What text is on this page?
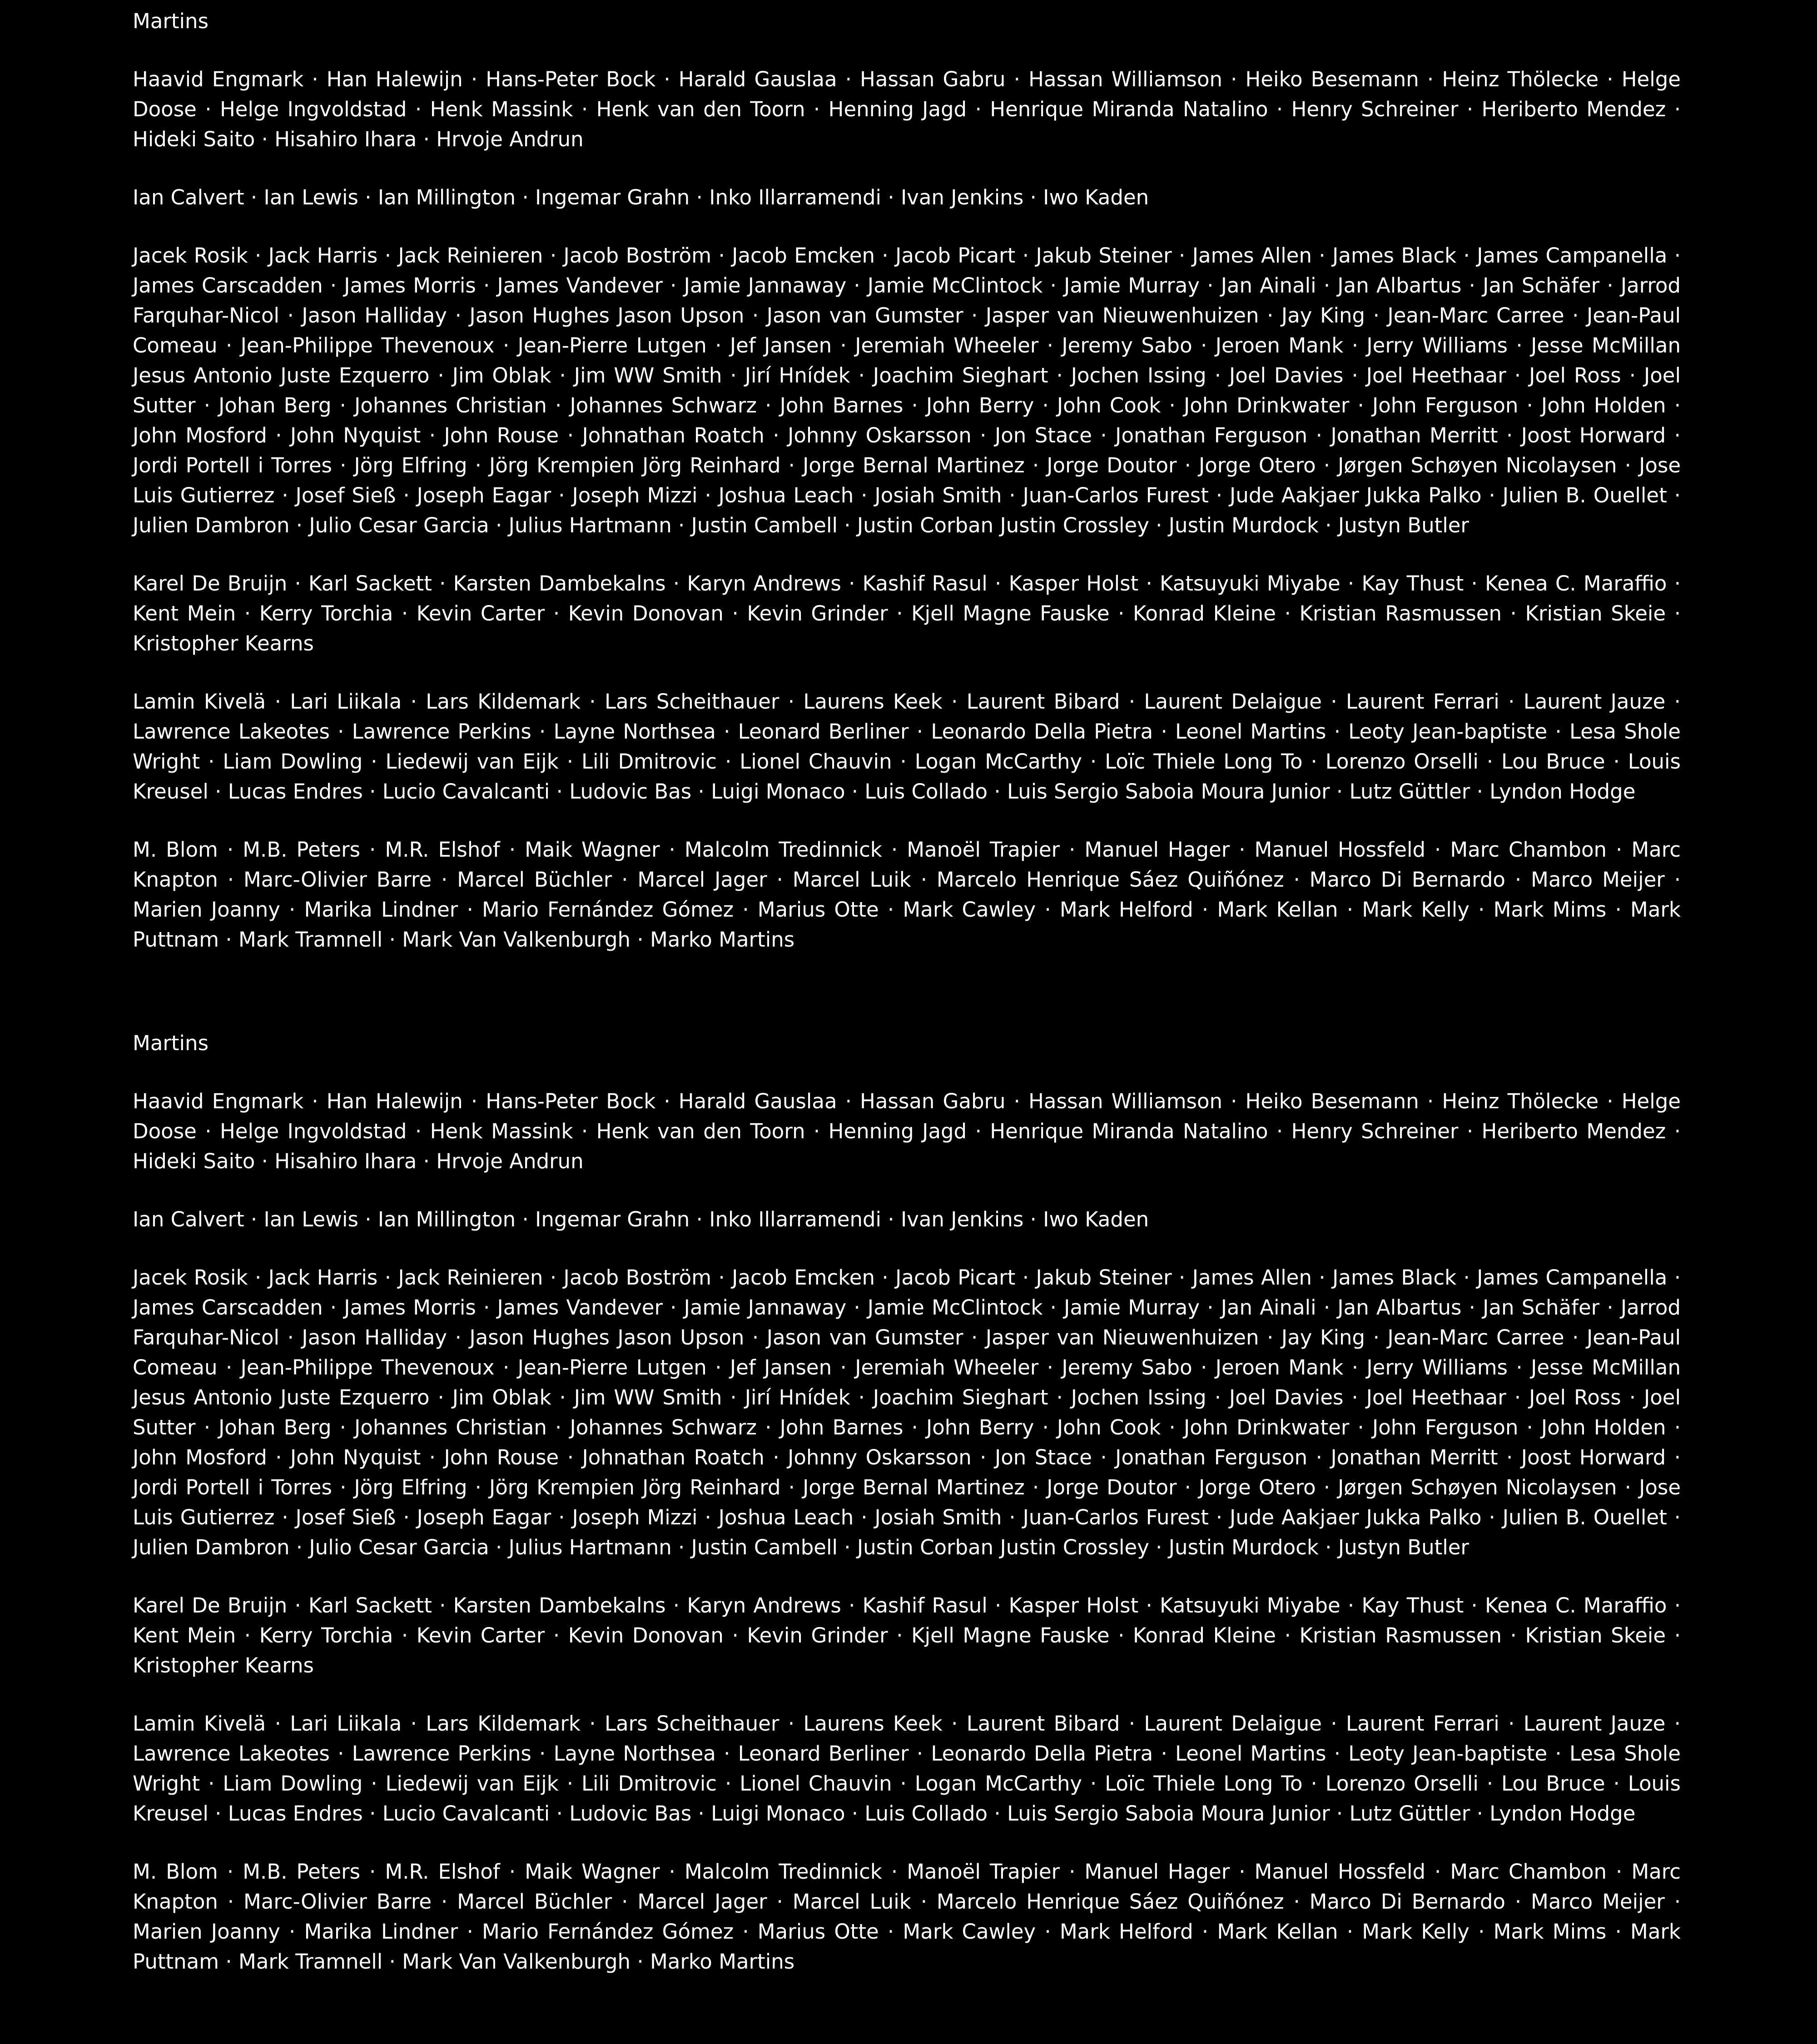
Martins

Haavid Engmark · Han Halewijn · Hans-Peter Bock · Harald Gauslaa · Hassan Gabru · Hassan Williamson · Heiko Besemann · Heinz Thölecke · Helge Doose · Helge Ingvoldstad · Henk Massink · Henk van den Toorn · Henning Jagd · Henrique Miranda Natalino · Henry Schreiner · Heriberto Mendez · Hideki Saito · Hisahiro Ihara · Hrvoje Andrun

Ian Calvert · Ian Lewis · Ian Millington · Ingemar Grahn · Inko Illarramendi · Ivan Jenkins · Iwo Kaden

Jacek Rosik · Jack Harris · Jack Reinieren · Jacob Boström · Jacob Emcken · Jacob Picart · Jakub Steiner · James Allen · James Black · James Campanella · James Carscadden · James Morris · James Vandever · Jamie Jannaway · Jamie McClintock · Jamie Murray · Jan Ainali · Jan Albartus · Jan Schäfer · Jarrod Farquhar-Nicol · Jason Halliday · Jason Hughes Jason Upson · Jason van Gumster · Jasper van Nieuwenhuizen · Jay King · Jean-Marc Carree · Jean-Paul Comeau · Jean-Philippe Thevenoux · Jean-Pierre Lutgen · Jef Jansen · Jeremiah Wheeler · Jeremy Sabo · Jeroen Mank · Jerry Williams · Jesse McMillan Jesus Antonio Juste Ezquerro · Jim Oblak · Jim WW Smith · Jirí Hnídek · Joachim Sieghart · Jochen Issing · Joel Davies · Joel Heethaar · Joel Ross · Joel Sutter · Johan Berg · Johannes Christian · Johannes Schwarz · John Barnes · John Berry · John Cook · John Drinkwater · John Ferguson · John Holden · John Mosford · John Nyquist · John Rouse · Johnathan Roatch · Johnny Oskarsson · Jon Stace · Jonathan Ferguson · Jonathan Merritt · Joost Horward · Jordi Portell i Torres · Jörg Elfring · Jörg Krempien Jörg Reinhard · Jorge Bernal Martinez · Jorge Doutor · Jorge Otero · Jørgen Schøyen Nicolaysen · Jose Luis Gutierrez · Josef Sieß · Joseph Eagar · Joseph Mizzi · Joshua Leach · Josiah Smith · Juan-Carlos Furest · Jude Aakjaer Jukka Palko · Julien B. Ouellet · Julien Dambron · Julio Cesar Garcia · Julius Hartmann · Justin Cambell · Justin Corban Justin Crossley · Justin Murdock · Justyn Butler

Karel De Bruijn · Karl Sackett · Karsten Dambekalns · Karyn Andrews · Kashif Rasul · Kasper Holst · Katsuyuki Miyabe · Kay Thust · Kenea C. Maraffio · Kent Mein · Kerry Torchia · Kevin Carter · Kevin Donovan · Kevin Grinder · Kjell Magne Fauske · Konrad Kleine · Kristian Rasmussen · Kristian Skeie · Kristopher Kearns

Lamin Kivelä · Lari Liikala · Lars Kildemark · Lars Scheithauer · Laurens Keek · Laurent Bibard · Laurent Delaigue · Laurent Ferrari · Laurent Jauze · Lawrence Lakeotes · Lawrence Perkins · Layne Northsea · Leonard Berliner · Leonardo Della Pietra · Leonel Martins · Leoty Jean-baptiste · Lesa Shole Wright · Liam Dowling · Liedewij van Eijk · Lili Dmitrovic · Lionel Chauvin · Logan McCarthy · Loïc Thiele Long To · Lorenzo Orselli · Lou Bruce · Louis Kreusel · Lucas Endres · Lucio Cavalcanti · Ludovic Bas · Luigi Monaco · Luis Collado · Luis Sergio Saboia Moura Junior · Lutz Güttler · Lyndon Hodge

M. Blom · M.B. Peters · M.R. Elshof · Maik Wagner · Malcolm Tredinnick · Manoël Trapier · Manuel Hager · Manuel Hossfeld · Marc Chambon · Marc Knapton · Marc-Olivier Barre · Marcel Büchler · Marcel Jager · Marcel Luik · Marcelo Henrique Sáez Quiñónez · Marco Di Bernardo · Marco Meijer · Marien Joanny · Marika Lindner · Mario Fernández Gómez · Marius Otte · Mark Cawley · Mark Helford · Mark Kellan · Mark Kelly · Mark Mims · Mark Puttnam · Mark Tramnell · Mark Van Valkenburgh · Marko Martins

Martins

Haavid Engmark · Han Halewijn · Hans-Peter Bock · Harald Gauslaa · Hassan Gabru · Hassan Williamson · Heiko Besemann · Heinz Thölecke · Helge Doose · Helge Ingvoldstad · Henk Massink · Henk van den Toorn · Henning Jagd · Henrique Miranda Natalino · Henry Schreiner · Heriberto Mendez · Hideki Saito · Hisahiro Ihara · Hrvoje Andrun

Ian Calvert · Ian Lewis · Ian Millington · Ingemar Grahn · Inko Illarramendi · Ivan Jenkins · Iwo Kaden

Jacek Rosik · Jack Harris · Jack Reinieren · Jacob Boström · Jacob Emcken · Jacob Picart · Jakub Steiner · James Allen · James Black · James Campanella · James Carscadden · James Morris · James Vandever · Jamie Jannaway · Jamie McClintock · Jamie Murray · Jan Ainali · Jan Albartus · Jan Schäfer · Jarrod Farquhar-Nicol · Jason Halliday · Jason Hughes Jason Upson · Jason van Gumster · Jasper van Nieuwenhuizen · Jay King · Jean-Marc Carree · Jean-Paul Comeau · Jean-Philippe Thevenoux · Jean-Pierre Lutgen · Jef Jansen · Jeremiah Wheeler · Jeremy Sabo · Jeroen Mank · Jerry Williams · Jesse McMillan Jesus Antonio Juste Ezquerro · Jim Oblak · Jim WW Smith · Jirí Hnídek · Joachim Sieghart · Jochen Issing · Joel Davies · Joel Heethaar · Joel Ross · Joel Sutter · Johan Berg · Johannes Christian · Johannes Schwarz · John Barnes · John Berry · John Cook · John Drinkwater · John Ferguson · John Holden · John Mosford · John Nyquist · John Rouse · Johnathan Roatch · Johnny Oskarsson · Jon Stace · Jonathan Ferguson · Jonathan Merritt · Joost Horward · Jordi Portell i Torres · Jörg Elfring · Jörg Krempien Jörg Reinhard · Jorge Bernal Martinez · Jorge Doutor · Jorge Otero · Jørgen Schøyen Nicolaysen · Jose Luis Gutierrez · Josef Sieß · Joseph Eagar · Joseph Mizzi · Joshua Leach · Josiah Smith · Juan-Carlos Furest · Jude Aakjaer Jukka Palko · Julien B. Ouellet · Julien Dambron · Julio Cesar Garcia · Julius Hartmann · Justin Cambell · Justin Corban Justin Crossley · Justin Murdock · Justyn Butler

Karel De Bruijn · Karl Sackett · Karsten Dambekalns · Karyn Andrews · Kashif Rasul · Kasper Holst · Katsuyuki Miyabe · Kay Thust · Kenea C. Maraffio · Kent Mein · Kerry Torchia · Kevin Carter · Kevin Donovan · Kevin Grinder · Kjell Magne Fauske · Konrad Kleine · Kristian Rasmussen · Kristian Skeie · Kristopher Kearns

Lamin Kivelä · Lari Liikala · Lars Kildemark · Lars Scheithauer · Laurens Keek · Laurent Bibard · Laurent Delaigue · Laurent Ferrari · Laurent Jauze · Lawrence Lakeotes · Lawrence Perkins · Layne Northsea · Leonard Berliner · Leonardo Della Pietra · Leonel Martins · Leoty Jean-baptiste · Lesa Shole Wright · Liam Dowling · Liedewij van Eijk · Lili Dmitrovic · Lionel Chauvin · Logan McCarthy · Loïc Thiele Long To · Lorenzo Orselli · Lou Bruce · Louis Kreusel · Lucas Endres · Lucio Cavalcanti · Ludovic Bas · Luigi Monaco · Luis Collado · Luis Sergio Saboia Moura Junior · Lutz Güttler · Lyndon Hodge

M. Blom · M.B. Peters · M.R. Elshof · Maik Wagner · Malcolm Tredinnick · Manoël Trapier · Manuel Hager · Manuel Hossfeld · Marc Chambon · Marc Knapton · Marc-Olivier Barre · Marcel Büchler · Marcel Jager · Marcel Luik · Marcelo Henrique Sáez Quiñónez · Marco Di Bernardo · Marco Meijer · Marien Joanny · Marika Lindner · Mario Fernández Gómez · Marius Otte · Mark Cawley · Mark Helford · Mark Kellan · Mark Kelly · Mark Mims · Mark Puttnam · Mark Tramnell · Mark Van Valkenburgh · Marko Martins
